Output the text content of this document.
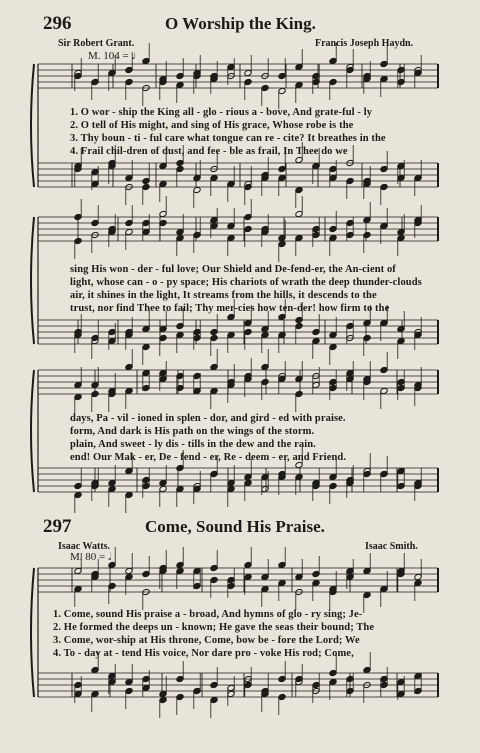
296	O Worship the King.
Sir Robert Grant.	Francis Joseph Haydn.
M. 104 = ♩
1. O wor - ship the King all - glo - rious a - bove, And grate-ful - ly
2. O tell of His might, and sing of His grace, Whose robe is the
3. Thy boun - ti - ful care what tongue can re - cite? It breathes in the
4. Frail chil-dren of dust, and fee - ble as frail, In Thee do we
sing His won - der - ful love; Our Shield and De-fend-er, the An-cient of
light, whose can - o - py space; His chariots of wrath the deep thunder-clouds
air, it shines in the light, It streams from the hills, it descends to the
trust, nor find Thee to fail; Thy mer-cies how ten-der! how firm to the
days, Pa - vil - ioned in splen - dor, and gird - ed with praise.
form, And dark is His path on the wings of the storm.
plain, And sweet - ly dis - tills in the dew and the rain.
end! Our Mak - er, De - fend - er, Re - deem - er, and Friend.
297	Come, Sound His Praise.
Isaac Watts.	Isaac Smith.
M. 80 = 𝅗𝅥
1. Come, sound His praise a - broad, And hymns of glo - ry sing; Je-
2. He formed the deeps un - known; He gave the seas their bound; The
3. Come, wor-ship at His throne, Come, bow be - fore the Lord; We
4. To - day at - tend His voice, Nor dare pro - voke His rod; Come,
